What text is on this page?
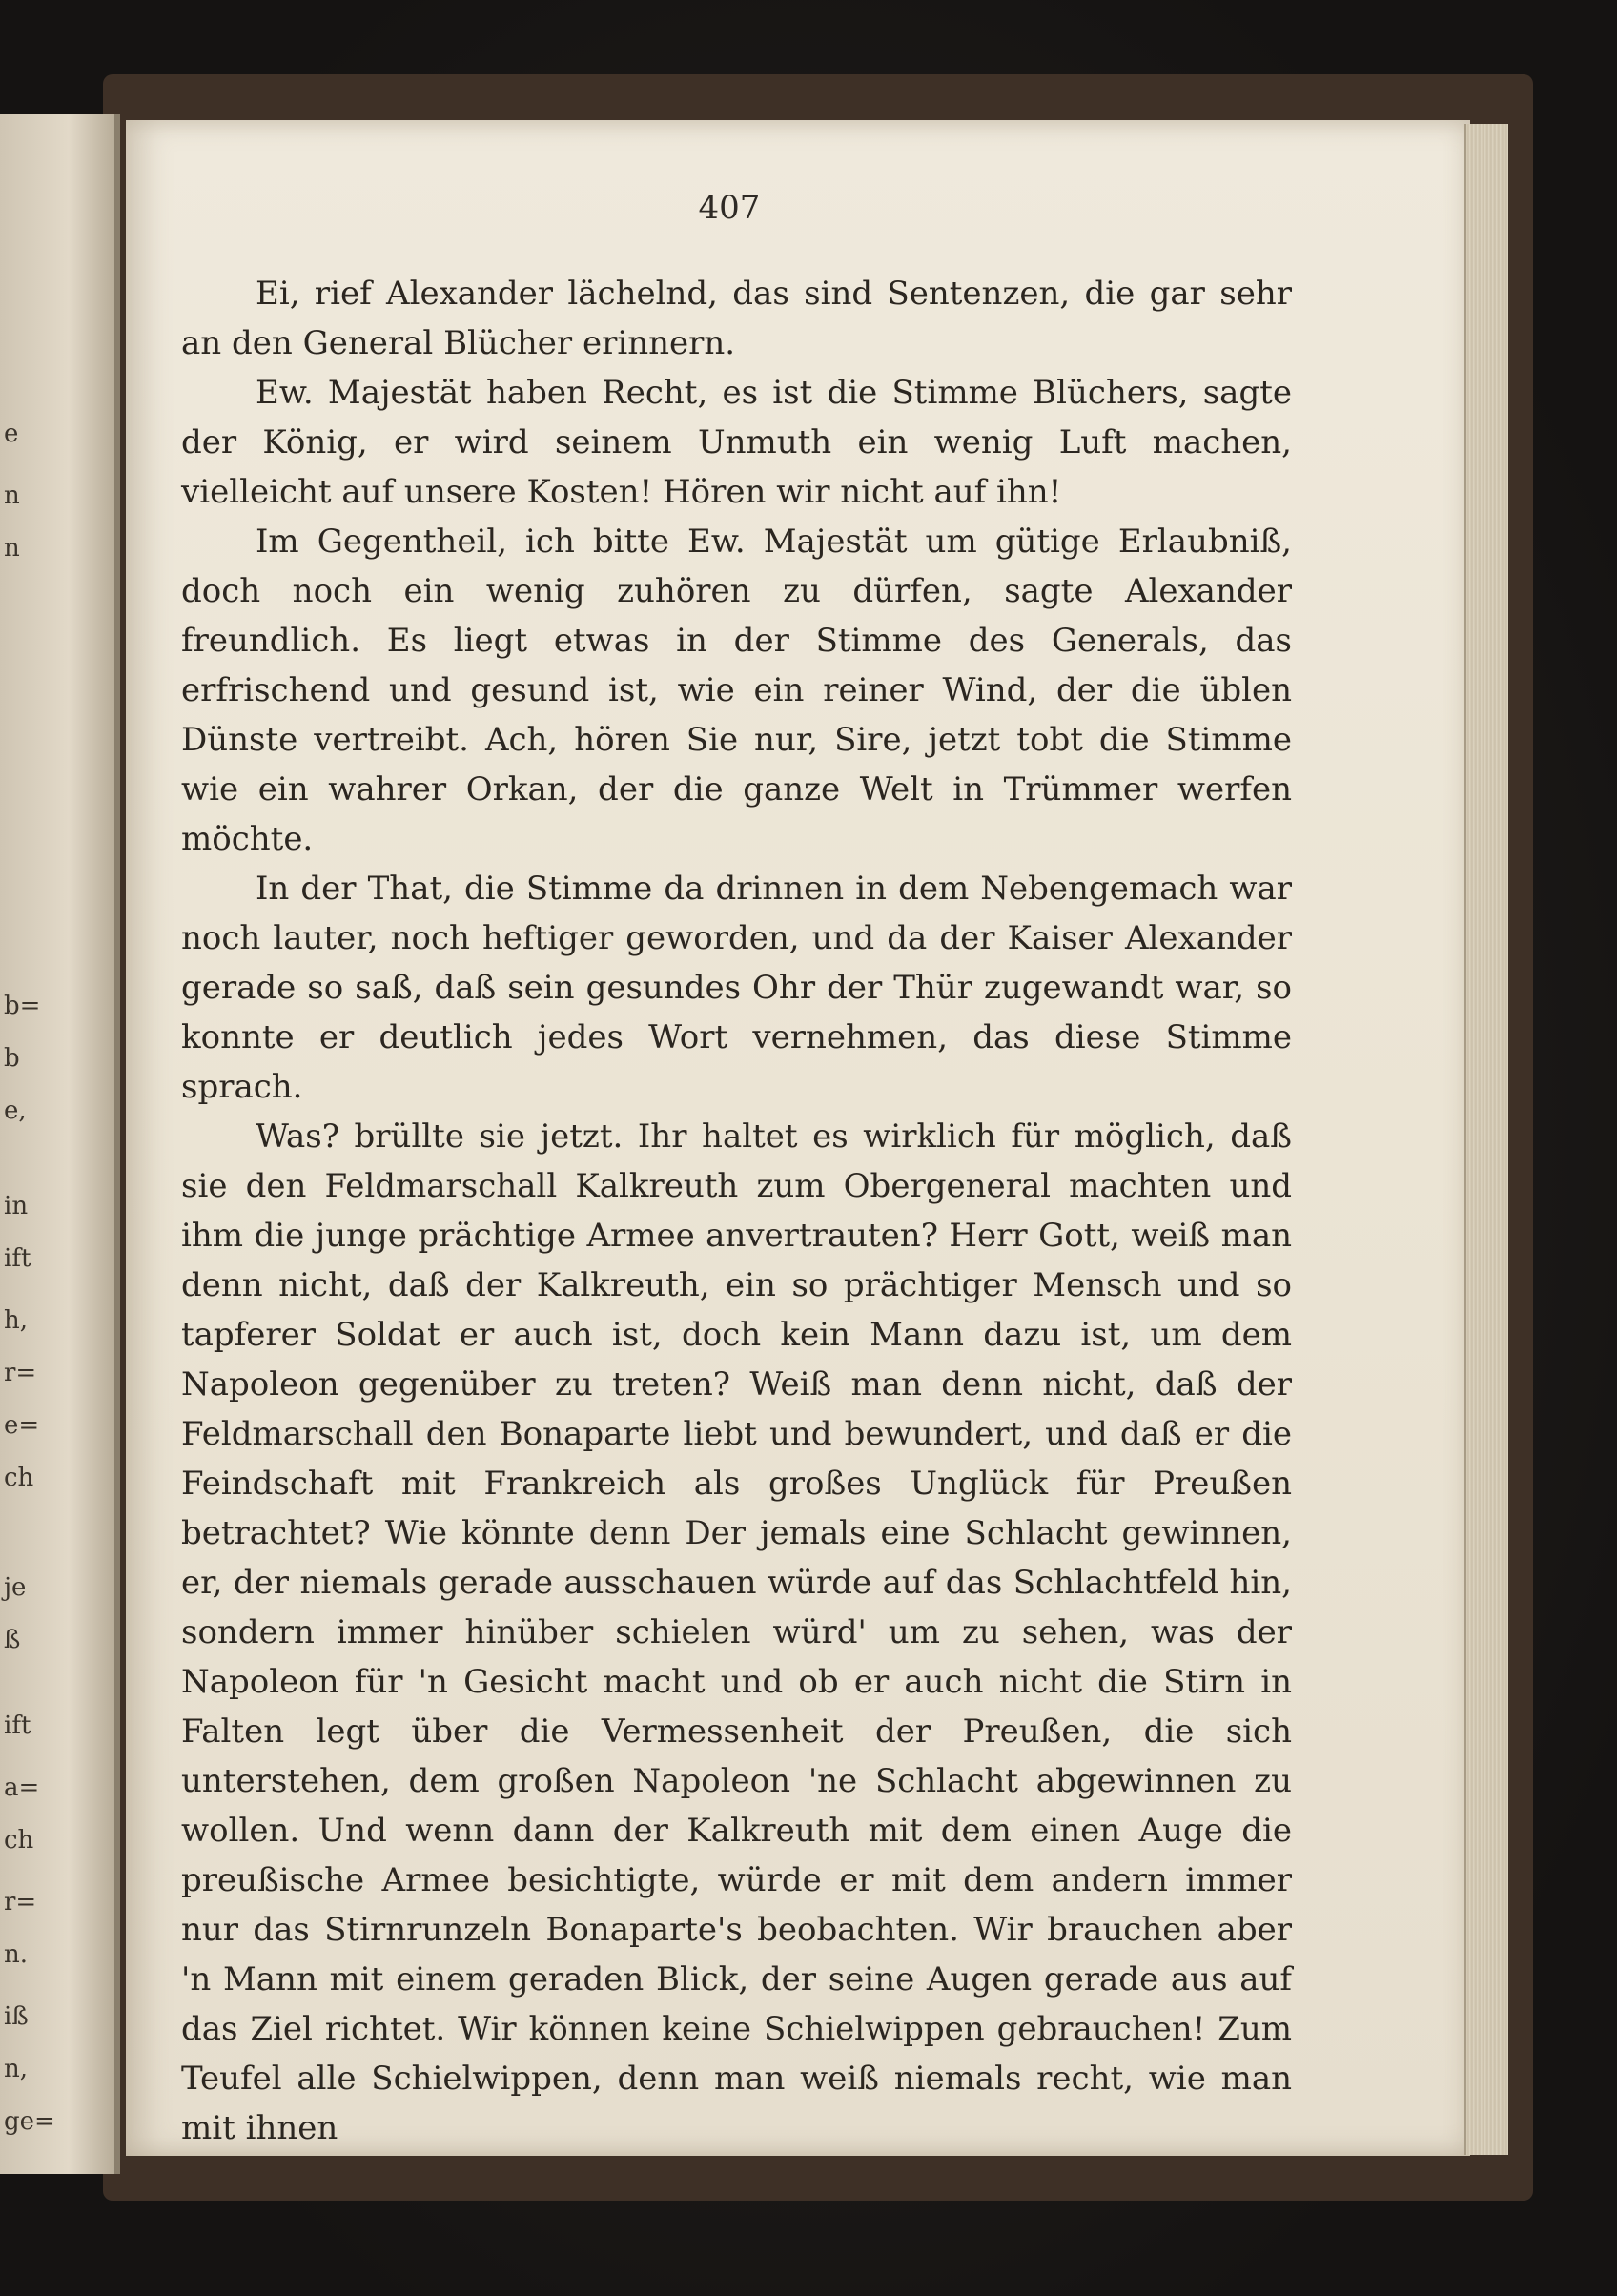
e
n
n
b=
b
e,
in
ift
h,
r=
e=
ch
je
ß
ift
a=
ch
r=
n.
iß
n,
ge=
407

Ei, rief Alexander lächelnd, das sind Sentenzen, die gar sehr an den General Blücher erinnern.

Ew. Majestät haben Recht, es ist die Stimme Blüchers, sagte der König, er wird seinem Unmuth ein wenig Luft machen, vielleicht auf unsere Kosten! Hören wir nicht auf ihn!

Im Gegentheil, ich bitte Ew. Majestät um gütige Erlaubniß, doch noch ein wenig zuhören zu dürfen, sagte Alexander freundlich. Es liegt etwas in der Stimme des Generals, das erfrischend und gesund ist, wie ein reiner Wind, der die üblen Dünste vertreibt. Ach, hören Sie nur, Sire, jetzt tobt die Stimme wie ein wahrer Orkan, der die ganze Welt in Trümmer werfen möchte.

In der That, die Stimme da drinnen in dem Nebengemach war noch lauter, noch heftiger geworden, und da der Kaiser Alexander gerade so saß, daß sein gesundes Ohr der Thür zugewandt war, so konnte er deutlich jedes Wort vernehmen, das diese Stimme sprach.

Was? brüllte sie jetzt. Ihr haltet es wirklich für möglich, daß sie den Feldmarschall Kalkreuth zum Obergeneral machten und ihm die junge prächtige Armee anvertrauten? Herr Gott, weiß man denn nicht, daß der Kalkreuth, ein so prächtiger Mensch und so tapferer Soldat er auch ist, doch kein Mann dazu ist, um dem Napoleon gegenüber zu treten? Weiß man denn nicht, daß der Feldmarschall den Bonaparte liebt und bewundert, und daß er die Feindschaft mit Frankreich als großes Unglück für Preußen betrachtet? Wie könnte denn Der jemals eine Schlacht gewinnen, er, der niemals gerade ausschauen würde auf das Schlachtfeld hin, sondern immer hinüber schielen würd' um zu sehen, was der Napoleon für 'n Gesicht macht und ob er auch nicht die Stirn in Falten legt über die Vermessenheit der Preußen, die sich unterstehen, dem großen Napoleon 'ne Schlacht abgewinnen zu wollen. Und wenn dann der Kalkreuth mit dem einen Auge die preußische Armee besichtigte, würde er mit dem andern immer nur das Stirnrunzeln Bonaparte's beobachten. Wir brauchen aber 'n Mann mit einem geraden Blick, der seine Augen gerade aus auf das Ziel richtet. Wir können keine Schielwippen gebrauchen! Zum Teufel alle Schielwippen, denn man weiß niemals recht, wie man mit ihnen
